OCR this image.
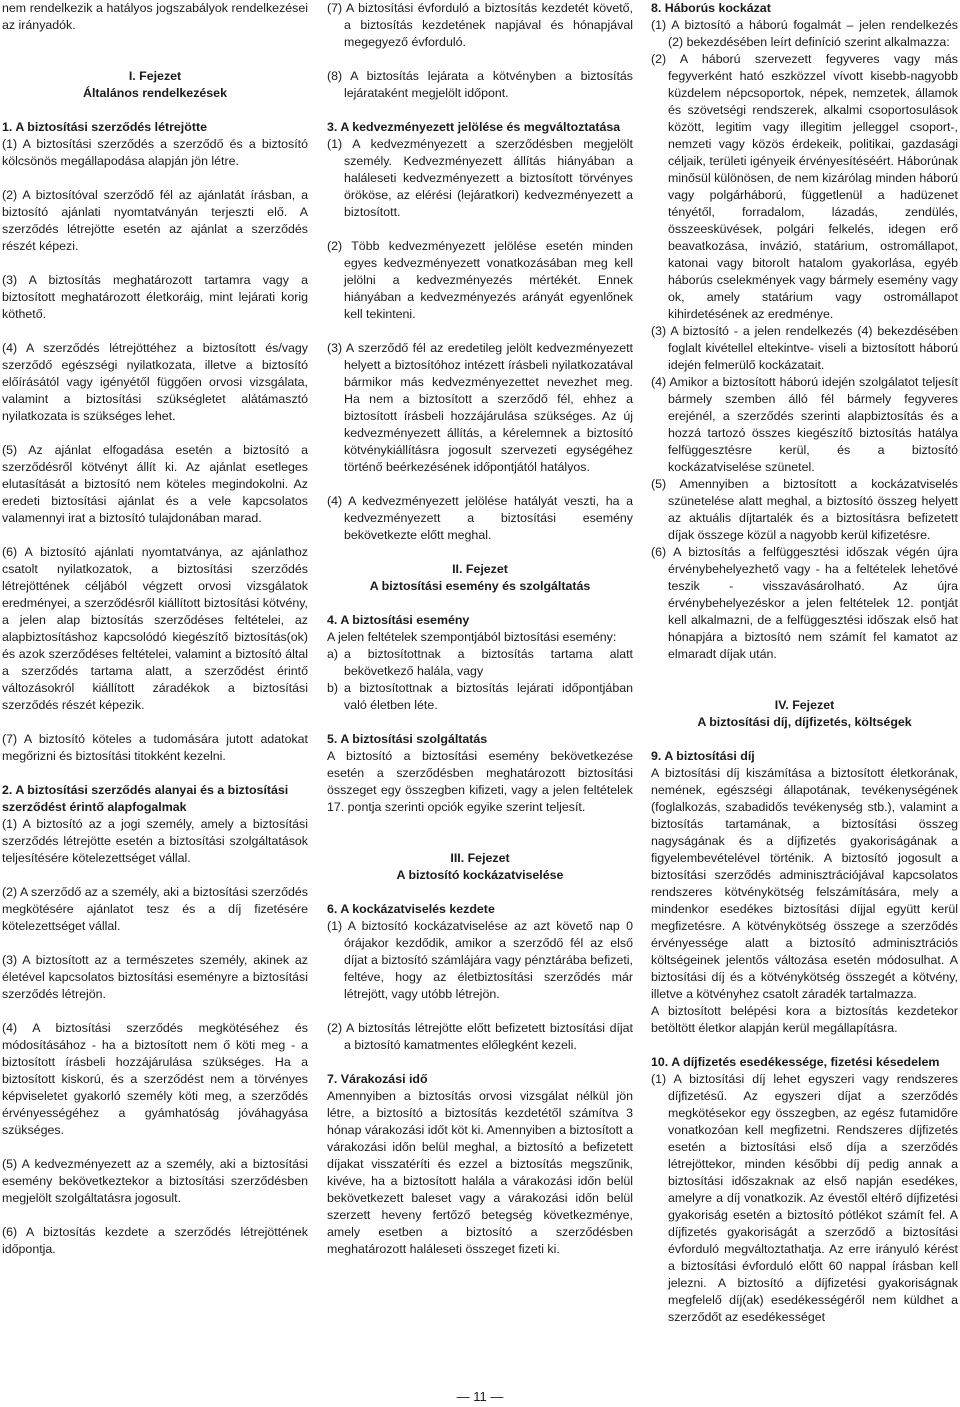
nem rendelkezik a hatályos jogszabályok rendelkezései az irányadók.

I. Fejezet
Általános rendelkezések
1. A biztosítási szerződés létrejötte

(1) A biztosítási szerződés a szerződő és a biztosító kölcsönös megállapodása alapján jön létre.

(2) A biztosítóval szerződő fél az ajánlatát írásban, a biztosító ajánlati nyomtatványán terjeszti elő. A szerződés létrejötte esetén az ajánlat a szerződés részét képezi.

(3) A biztosítás meghatározott tartamra vagy a biztosított meghatározott életkoráig, mint lejárati korig köthető.

(4) A szerződés létrejöttéhez a biztosított és/vagy szerződő egészségi nyilatkozata, illetve a biztosító előírásától vagy igényétől függően orvosi vizsgálata, valamint a biztosítási szükségletet alátámasztó nyilatkozata is szükséges lehet.

(5) Az ajánlat elfogadása esetén a biztosító a szerződésről kötvényt állít ki. Az ajánlat esetleges elutasítását a biztosító nem köteles megindokolni. Az eredeti biztosítási ajánlat és a vele kapcsolatos valamennyi irat a biztosító tulajdonában marad.

(6) A biztosító ajánlati nyomtatványa, az ajánlathoz csatolt nyilatkozatok, a biztosítási szerződés létrejöttének céljából végzett orvosi vizsgálatok eredményei, a szerződésről kiállított biztosítási kötvény, a jelen alap biztosítás szerződéses feltételei, az alapbiztosításhoz kapcsolódó kiegészítő biztosítás(ok) és azok szerződéses feltételei, valamint a biztosító által a szerződés tartama alatt, a szerződést érintő változásokról kiállított záradékok a biztosítási szerződés részét képezik.

(7) A biztosító köteles a tudomására jutott adatokat megőrizni és biztosítási titokként kezelni.

2. A biztosítási szerződés alanyai és a biztosítási szerződést érintő alapfogalmak

(1) A biztosító az a jogi személy, amely a biztosítási szerződés létrejötte esetén a biztosítási szolgáltatások teljesítésére kötelezettséget vállal.

(2) A szerződő az a személy, aki a biztosítási szerződés megkötésére ajánlatot tesz és a díj fizetésére kötelezettséget vállal.

(3) A biztosított az a természetes személy, akinek az életével kapcsolatos biztosítási eseményre a biztosítási szerződés létrejön.

(4) A biztosítási szerződés megkötéséhez és módosításához - ha a biztosított nem ő köti meg - a biztosított írásbeli hozzájárulása szükséges. Ha a biztosított kiskorú, és a szerződést nem a törvényes képviseletet gyakorló személy köti meg, a szerződés érvényességéhez a gyámhatóság jóváhagyása szükséges.

(5) A kedvezményezett az a személy, aki a biztosítási esemény bekövetkeztekor a biztosítási szerződésben megjelölt szolgáltatásra jogosult.

(6) A biztosítás kezdete a szerződés létrejöttének időpontja.

(7) A biztosítási évforduló a biztosítás kezdetét követő, a biztosítás kezdetének napjával és hónapjával megegyező évforduló.

(8) A biztosítás lejárata a kötvényben a biztosítás lejárataként megjelölt időpont.

3. A kedvezményezett jelölése és megváltoztatása

(1) A kedvezményezett a szerződésben megjelölt személy. Kedvezményezett állítás hiányában a haláleseti kedvezményezett a biztosított törvényes örököse, az elérési (lejáratkori) kedvezményezett a biztosított.

(2) Több kedvezményezett jelölése esetén minden egyes kedvezményezett vonatkozásában meg kell jelölni a kedvezményezés mértékét. Ennek hiányában a kedvezményezés arányát egyenlőnek kell tekinteni.

(3) A szerződő fél az eredetileg jelölt kedvezményezett helyett a biztosítóhoz intézett írásbeli nyilatkozatával bármikor más kedvezményezettet nevezhet meg. Ha nem a biztosított a szerződő fél, ehhez a biztosított írásbeli hozzájárulása szükséges. Az új kedvezményezett állítás, a kérelemnek a biztosító kötvénykiállításra jogosult szervezeti egységéhez történő beérkezésének időpontjától hatályos.

(4) A kedvezményezett jelölése hatályát veszti, ha a kedvezményezett a biztosítási esemény bekövetkezte előtt meghal.

II. Fejezet
A biztosítási esemény és szolgáltatás
4. A biztosítási esemény

A jelen feltételek szempontjából biztosítási esemény:

a) a biztosítottnak a biztosítás tartama alatt bekövetkező halála, vagy
b) a biztosítottnak a biztosítás lejárati időpontjában való életben léte.
5. A biztosítási szolgáltatás

A biztosító a biztosítási esemény bekövetkezése esetén a szerződésben meghatározott biztosítási összeget egy összegben kifizeti, vagy a jelen feltételek 17. pontja szerinti opciók egyike szerint teljesít.

III. Fejezet
A biztosító kockázatviselése
6. A kockázatviselés kezdete

(1) A biztosító kockázatviselése az azt követő nap 0 órájakor kezdődik, amikor a szerződő fél az első díjat a biztosító számlájára vagy pénztárába befizeti, feltéve, hogy az életbiztosítási szerződés már létrejött, vagy utóbb létrejön.

(2) A biztosítás létrejötte előtt befizetett biztosítási díjat a biztosító kamatmentes előlegként kezeli.

7. Várakozási idő

Amennyiben a biztosítás orvosi vizsgálat nélkül jön létre, a biztosító a biztosítás kezdetétől számítva 3 hónap várakozási időt köt ki. Amennyiben a biztosított a várakozási időn belül meghal, a biztosító a befizetett díjakat visszatéríti és ezzel a biztosítás megszűnik, kivéve, ha a biztosított halála a várakozási időn belül bekövetkezett baleset vagy a várakozási időn belül szerzett heveny fertőző betegség következménye, amely esetben a biztosító a szerződésben meghatározott haláleseti összeget fizeti ki.

8. Háborús kockázat

(1) A biztosító a háború fogalmát – jelen rendelkezés (2) bekezdésében leírt definíció szerint alkalmazza:

(2) A háború szervezett fegyveres vagy más fegyverként ható eszközzel vívott kisebb-nagyobb küzdelem népcsoportok, népek, nemzetek, államok és szövetségi rendszerek, alkalmi csoportosulások között, legitim vagy illegitim jelleggel csoport-, nemzeti vagy közös érdekeik, politikai, gazdasági céljaik, területi igényeik érvényesítéséért. Háborúnak minősül különösen, de nem kizárólag minden háború vagy polgárháború, függetlenül a hadüzenet tényétől, forradalom, lázadás, zendülés, összeesküvések, polgári felkelés, idegen erő beavatkozása, invázió, statárium, ostromállapot, katonai vagy bitorolt hatalom gyakorlása, egyéb háborús cselekmények vagy bármely esemény vagy ok, amely statárium vagy ostromállapot kihirdetésének az eredménye.

(3) A biztosító - a jelen rendelkezés (4) bekezdésében foglalt kivétellel eltekintve- viseli a biztosított háború idején felmerülő kockázatait.

(4) Amikor a biztosított háború idején szolgálatot teljesít bármely szemben álló fél bármely fegyveres erejénél, a szerződés szerinti alapbiztosítás és a hozzá tartozó összes kiegészítő biztosítás hatálya felfüggesztésre kerül, és a biztosító kockázatviselése szünetel.

(5) Amennyiben a biztosított a kockázatviselés szünetelése alatt meghal, a biztosító összeg helyett az aktuális díjtartalék és a biztosításra befizetett díjak összege közül a nagyobb kerül kifizetésre.

(6) A biztosítás a felfüggesztési időszak végén újra érvénybehelyezhető vagy - ha a feltételek lehetővé teszik - visszavásárolható. Az újra érvénybehelyezéskor a jelen feltételek 12. pontját kell alkalmazni, de a felfüggesztési időszak első hat hónapjára a biztosító nem számít fel kamatot az elmaradt díjak után.

IV. Fejezet
A biztosítási díj, díjfizetés, költségek
9. A biztosítási díj

A biztosítási díj kiszámítása a biztosított életkorának, nemének, egészségi állapotának, tevékenységének (foglalkozás, szabadidős tevékenység stb.), valamint a biztosítás tartamának, a biztosítási összeg nagyságának és a díjfizetés gyakoriságának a figyelembevételével történik. A biztosító jogosult a biztosítási szerződés adminisztrációjával kapcsolatos rendszeres kötvénykötség felszámítására, mely a mindenkor esedékes biztosítási díjjal együtt kerül megfizetésre. A kötvénykötség összege a szerződés érvényessége alatt a biztosító adminisztrációs költségeinek jelentős változása esetén módosulhat. A biztosítási díj és a kötvénykötség összegét a kötvény, illetve a kötvényhez csatolt záradék tartalmazza.

A biztosított belépési kora a biztosítás kezdetekor betöltött életkor alapján kerül megállapításra.

10. A díjfizetés esedékessége, fizetési késedelem

(1) A biztosítási díj lehet egyszeri vagy rendszeres díjfizetésű. Az egyszeri díjat a szerződés megkötésekor egy összegben, az egész futamidőre vonatkozóan kell megfizetni. Rendszeres díjfizetés esetén a biztosítási első díja a szerződés létrejöttekor, minden későbbi díj pedig annak a biztosítási időszaknak az első napján esedékes, amelyre a díj vonatkozik. Az évestől eltérő díjfizetési gyakoriság esetén a biztosító pótlékot számít fel. A díjfizetés gyakoriságát a szerződő a biztosítási évforduló megváltoztathatja. Az erre irányuló kérést a biztosítási évforduló előtt 60 nappal írásban kell jelezni. A biztosító a díjfizetési gyakoriságnak megfelelő díj(ak) esedékességéről nem küldhet a szerződőt az esedékességet

— 11 —
